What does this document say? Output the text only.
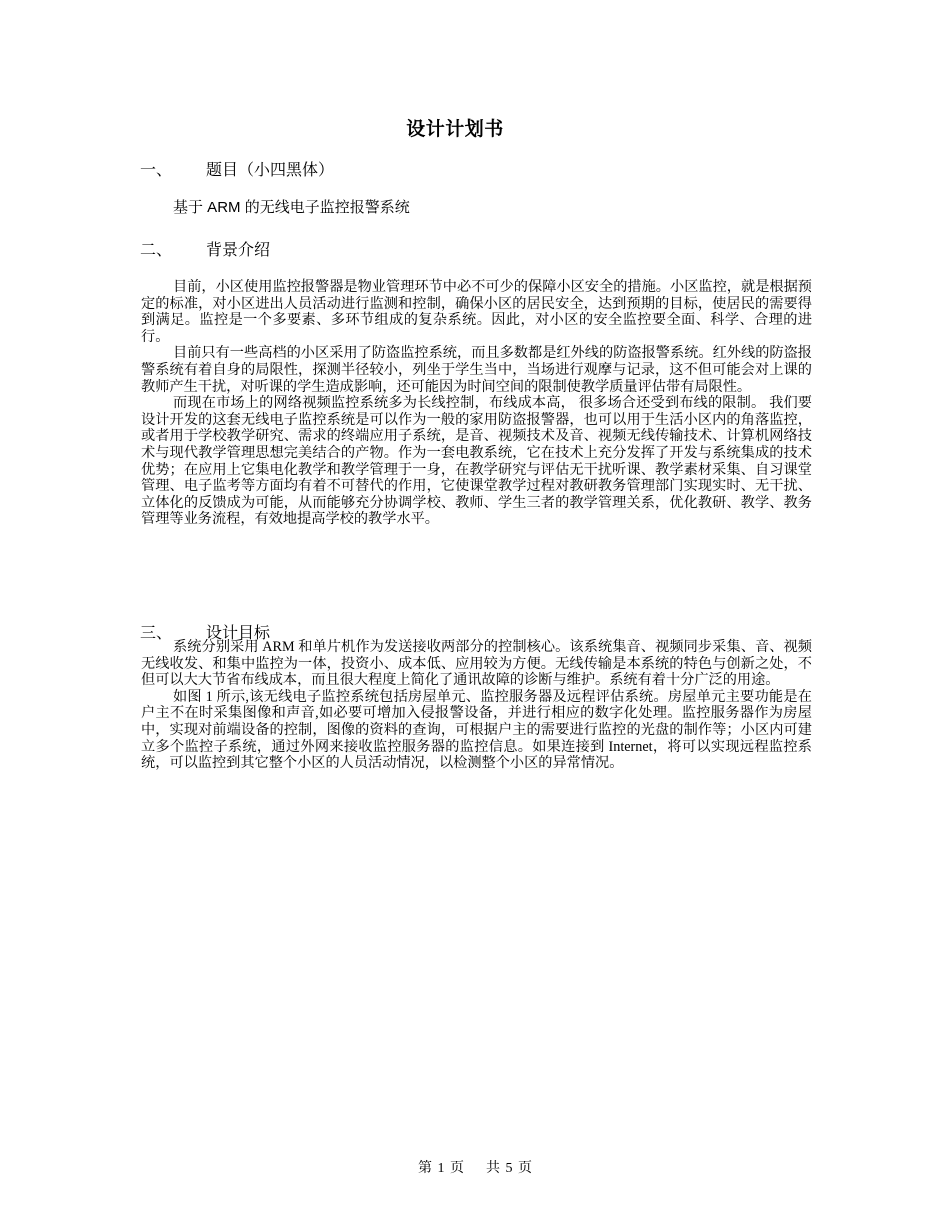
设计计划书
一、	题目（小四黑体）
基于 ARM 的无线电子监控报警系统
二、	背景介绍

目前，小区使用监控报警器是物业管理环节中必不可少的保障小区安全的措施。小区监控，就是根据预定的标准，对小区进出人员活动进行监测和控制，确保小区的居民安全，达到预期的目标，使居民的需要得到满足。监控是一个多要素、多环节组成的复杂系统。因此，对小区的安全监控要全面、科学、合理的进行。

目前只有一些高档的小区采用了防盗监控系统，而且多数都是红外线的防盗报警系统。红外线的防盗报警系统有着自身的局限性，探测半径较小，列坐于学生当中，当场进行观摩与记录，这不但可能会对上课的教师产生干扰，对听课的学生造成影响，还可能因为时间空间的限制使教学质量评估带有局限性。

而现在市场上的网络视频监控系统多为长线控制，布线成本高， 很多场合还受到布线的限制。 我们要设计开发的这套无线电子监控系统是可以作为一般的家用防盗报警器，也可以用于生活小区内的角落监控，或者用于学校教学研究、需求的终端应用子系统，是音、视频技术及音、视频无线传输技术、计算机网络技术与现代教学管理思想完美结合的产物。作为一套电教系统，它在技术上充分发挥了开发与系统集成的技术优势；在应用上它集电化教学和教学管理于一身，在教学研究与评估无干扰听课、教学素材采集、自习课堂管理、电子监考等方面均有着不可替代的作用，它使课堂教学过程对教研教务管理部门实现实时、无干扰、立体化的反馈成为可能，从而能够充分协调学校、教师、学生三者的教学管理关系，优化教研、教学、教务管理等业务流程，有效地提高学校的教学水平。

三、	设计目标

系统分别采用 ARM 和单片机作为发送接收两部分的控制核心。该系统集音、视频同步采集、音、视频无线收发、和集中监控为一体，投资小、成本低、应用较为方便。无线传输是本系统的特色与创新之处，不但可以大大节省布线成本，而且很大程度上简化了通讯故障的诊断与维护。系统有着十分广泛的用途。

如图 1 所示,该无线电子监控系统包括房屋单元、监控服务器及远程评估系统。房屋单元主要功能是在户主不在时采集图像和声音,如必要可增加入侵报警设备，并进行相应的数字化处理。监控服务器作为房屋中，实现对前端设备的控制，图像的资料的查询，可根据户主的需要进行监控的光盘的制作等；小区内可建立多个监控子系统，通过外网来接收监控服务器的监控信息。如果连接到 Internet，将可以实现远程监控系统，可以监控到其它整个小区的人员活动情况，以检测整个小区的异常情况。

第 1 页    共 5 页
